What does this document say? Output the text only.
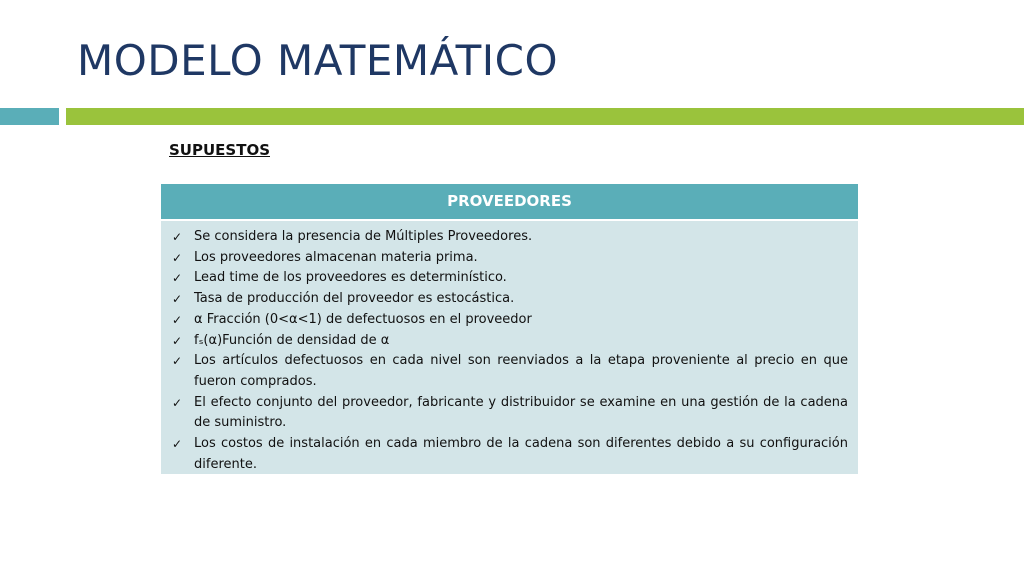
MODELO MATEMÁTICO
SUPUESTOS
PROVEEDORES
✓ Se considera la presencia de Múltiples Proveedores.
✓ Los proveedores almacenan materia prima.
✓ Lead time de los proveedores es determinístico.
✓ Tasa de producción del proveedor es estocástica.
✓ α Fracción (0<α<1) de defectuosos en el proveedor
✓ fₛ(α)Función de densidad de α
✓ Los artículos defectuosos en cada nivel son reenviados a la etapa proveniente al precio en que fueron comprados.
✓ El efecto conjunto del proveedor, fabricante y distribuidor se examine en una gestión de la cadena de suministro.
✓ Los costos de instalación en cada miembro de la cadena son diferentes debido a su configuración diferente.
